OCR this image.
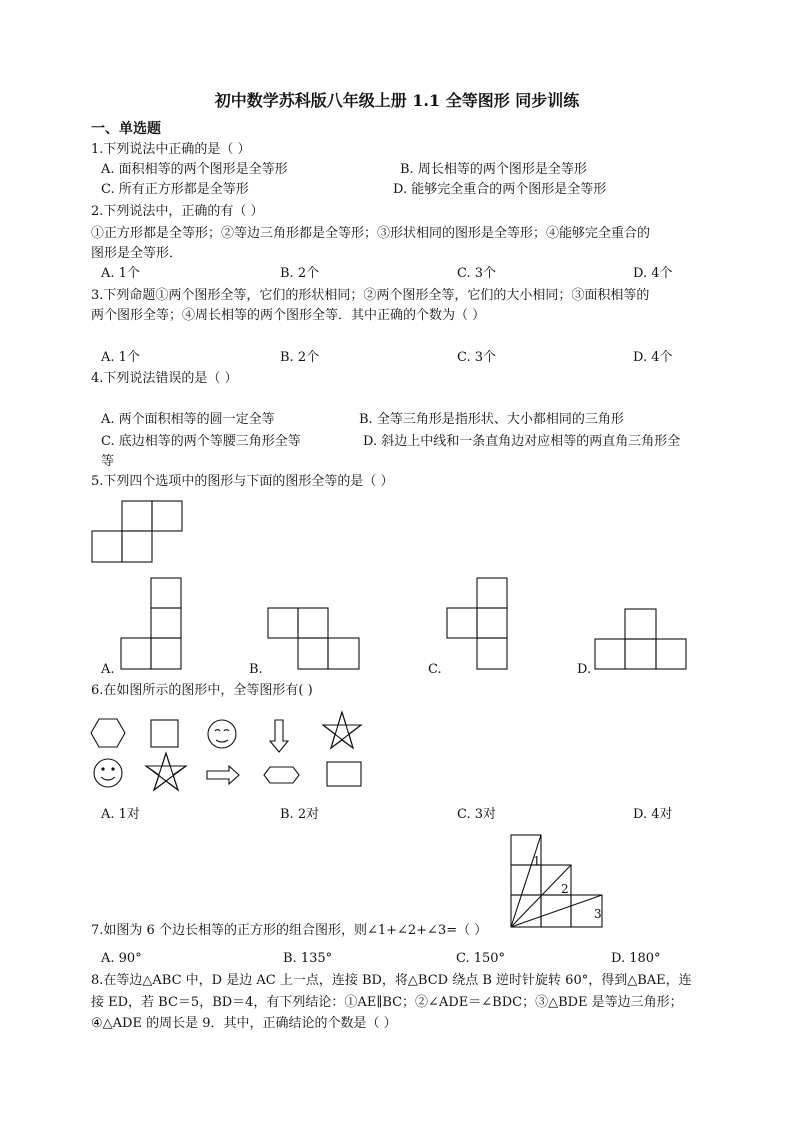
初中数学苏科版八年级上册 1.1 全等图形 同步训练
一、单选题
1.下列说法中正确的是（ ）
A. 面积相等的两个图形是全等形	B. 周长相等的两个图形是全等形
C. 所有正方形都是全等形	D. 能够完全重合的两个图形是全等形
2.下列说法中，正确的有（ ）
①正方形都是全等形；②等边三角形都是全等形；③形状相同的图形是全等形；④能够完全重合的
图形是全等形．
A. 1个	B. 2个	C. 3个	D. 4个
3.下列命题①两个图形全等，它们的形状相同；②两个图形全等，它们的大小相同；③面积相等的
两个图形全等；④周长相等的两个图形全等．其中正确的个数为（ ）
A. 1个	B. 2个	C. 3个	D. 4个
4.下列说法错误的是（ ）
A. 两个面积相等的圆一定全等	B. 全等三角形是指形状、大小都相同的三角形
C. 底边相等的两个等腰三角形全等	D. 斜边上中线和一条直角边对应相等的两直角三角形全
等
5.下列四个选项中的图形与下面的图形全等的是（ ）
A.	B.	C.	D.
6.在如图所示的图形中，全等图形有( )
A. 1对	B. 2对	C. 3对	D. 4对
1
2
3
7.如图为 6 个边长相等的正方形的组合图形，则∠1+∠2+∠3=（ ）
A. 90°	B. 135°	C. 150°	D. 180°
8.在等边△ABC 中，D 是边 AC 上一点，连接 BD，将△BCD 绕点 B 逆时针旋转 60°，得到△BAE，连
接 ED，若 BC＝5，BD＝4，有下列结论：①AE∥BC；②∠ADE＝∠BDC；③△BDE 是等边三角形；
④△ADE 的周长是 9．其中，正确结论的个数是（ ）
